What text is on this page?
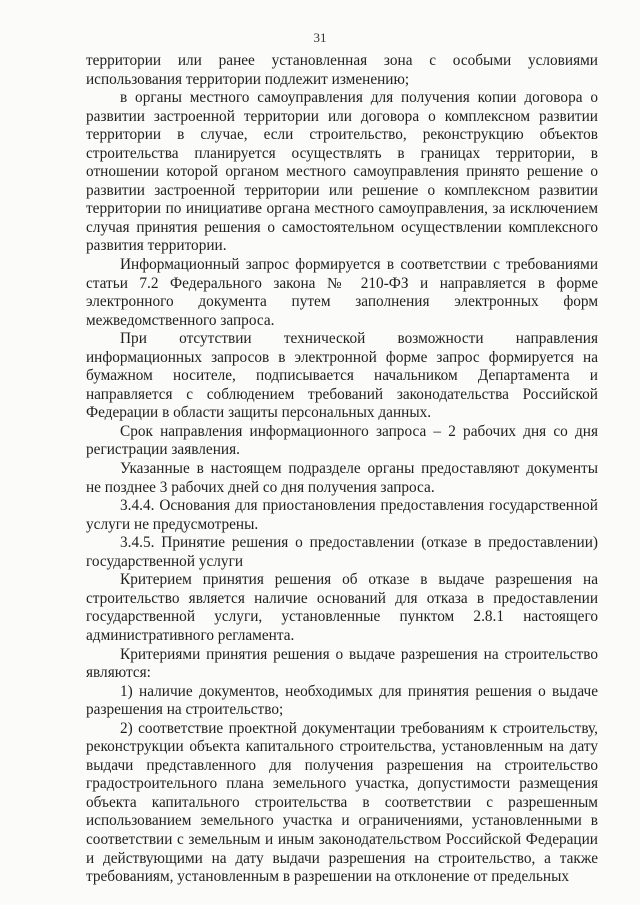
31

территории или ранее установленная зона с особыми условиями использования территории подлежит изменению;

в органы местного самоуправления для получения копии договора о развитии застроенной территории или договора о комплексном развитии территории в случае, если строительство, реконструкцию объектов строительства планируется осуществлять в границах территории, в отношении которой органом местного самоуправления принято решение о развитии застроенной территории или решение о комплексном развитии территории по инициативе органа местного самоуправления, за исключением случая принятия решения о самостоятельном осуществлении комплексного развития территории.

Информационный запрос формируется в соответствии с требованиями статьи 7.2 Федерального закона № 210-ФЗ и направляется в форме электронного документа путем заполнения электронных форм межведомственного запроса.

При отсутствии технической возможности направления информационных запросов в электронной форме запрос формируется на бумажном носителе, подписывается начальником Департамента и направляется с соблюдением требований законодательства Российской Федерации в области защиты персональных данных.

Срок направления информационного запроса – 2 рабочих дня со дня регистрации заявления.

Указанные в настоящем подразделе органы предоставляют документы не позднее 3 рабочих дней со дня получения запроса.

3.4.4. Основания для приостановления предоставления государственной услуги не предусмотрены.

3.4.5. Принятие решения о предоставлении (отказе в предоставлении) государственной услуги

Критерием принятия решения об отказе в выдаче разрешения на строительство является наличие оснований для отказа в предоставлении государственной услуги, установленные пунктом 2.8.1 настоящего административного регламента.

Критериями принятия решения о выдаче разрешения на строительство являются:

1) наличие документов, необходимых для принятия решения о выдаче разрешения на строительство;

2) соответствие проектной документации требованиям к строительству, реконструкции объекта капитального строительства, установленным на дату выдачи представленного для получения разрешения на строительство градостроительного плана земельного участка, допустимости размещения объекта капитального строительства в соответствии с разрешенным использованием земельного участка и ограничениями, установленными в соответствии с земельным и иным законодательством Российской Федерации и действующими на дату выдачи разрешения на строительство, а также требованиям, установленным в разрешении на отклонение от предельных
